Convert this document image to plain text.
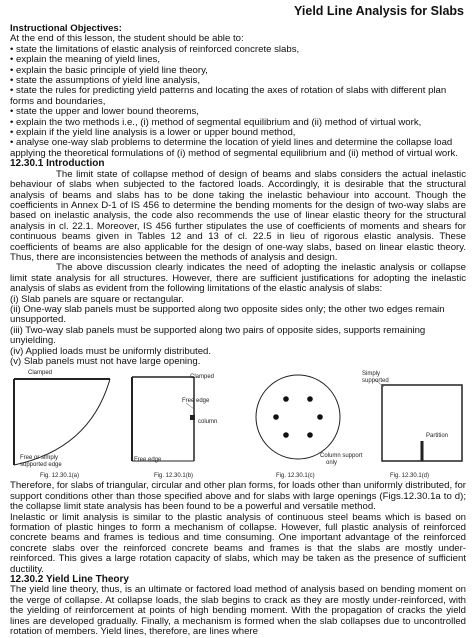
Yield Line Analysis for Slabs

Instructional Objectives:

At the end of this lesson, the student should be able to:

• state the limitations of elastic analysis of reinforced concrete slabs,

• explain the meaning of yield lines,

• explain the basic principle of yield line theory,

• state the assumptions of yield line analysis,

• state the rules for predicting yield patterns and locating the axes of rotation of slabs with different plan forms and boundaries,

• state the upper and lower bound theorems,

• explain the two methods i.e., (i) method of segmental equilibrium and (ii) method of virtual work,

• explain if the yield line analysis is a lower or upper bound method,

• analyse one-way slab problems to determine the location of yield lines and determine the collapse load applying the theoretical formulations of (i) method of segmental equilibrium and (ii) method of virtual work.

12.30.1 Introduction

The limit state of collapse method of design of beams and slabs considers the actual inelastic behaviour of slabs when subjected to the factored loads. Accordingly, it is desirable that the structural analysis of beams and slabs has to be done taking the inelastic behaviour into account. Though the coefficients in Annex D-1 of IS 456 to determine the bending moments for the design of two-way slabs are based on inelastic analysis, the code also recommends the use of linear elastic theory for the structural analysis in cl. 22.1. Moreover, IS 456 further stipulates the use of coefficients of moments and shears for continuous beams given in Tables 12 and 13 of cl. 22.5 in lieu of rigorous elastic analysis. These coefficients of beams are also applicable for the design of one-way slabs, based on linear elastic theory. Thus, there are inconsistencies between the methods of analysis and design.

The above discussion clearly indicates the need of adopting the inelastic analysis or collapse limit state analysis for all structures. However, there are sufficient justifications for adopting the inelastic analysis of slabs as evident from the following limitations of the elastic analysis of slabs:

(i) Slab panels are square or rectangular.

(ii) One-way slab panels must be supported along two opposite sides only; the other two edges remain unsupported.

(iii) Two-way slab panels must be supported along two pairs of opposite sides, supports remaining unyielding.

(iv) Applied loads must be uniformly distributed.

(v) Slab panels must not have large opening.

Clamped
Free or simply
supported edge
Fig. 12.30.1(a)
Clamped
Free edge
column
Free edge
Fig. 12.30.1(b)
Column support
only
Fig. 12.30.1(c)
Simply
supported
Partition
Fig. 12.30.1(d)

Therefore, for slabs of triangular, circular and other plan forms, for loads other than uniformly distributed, for support conditions other than those specified above and for slabs with large openings (Figs.12.30.1a to d); the collapse limit state analysis has been found to be a powerful and versatile method.

Inelastic or limit analysis is similar to the plastic analysis of continuous steel beams which is based on formation of plastic hinges to form a mechanism of collapse. However, full plastic analysis of reinforced concrete beams and frames is tedious and time consuming. One important advantage of the reinforced concrete slabs over the reinforced concrete beams and frames is that the slabs are mostly under-reinforced. This gives a large rotation capacity of slabs, which may be taken as the presence of sufficient ductility.

12.30.2 Yield Line Theory

The yield line theory, thus, is an ultimate or factored load method of analysis based on bending moment on the verge of collapse. At collapse loads, the slab begins to crack as they are mostly under-reinforced, with the yielding of reinforcement at points of high bending moment. With the propagation of cracks the yield lines are developed gradually. Finally, a mechanism is formed when the slab collapses due to uncontrolled rotation of members. Yield lines, therefore, are lines where
